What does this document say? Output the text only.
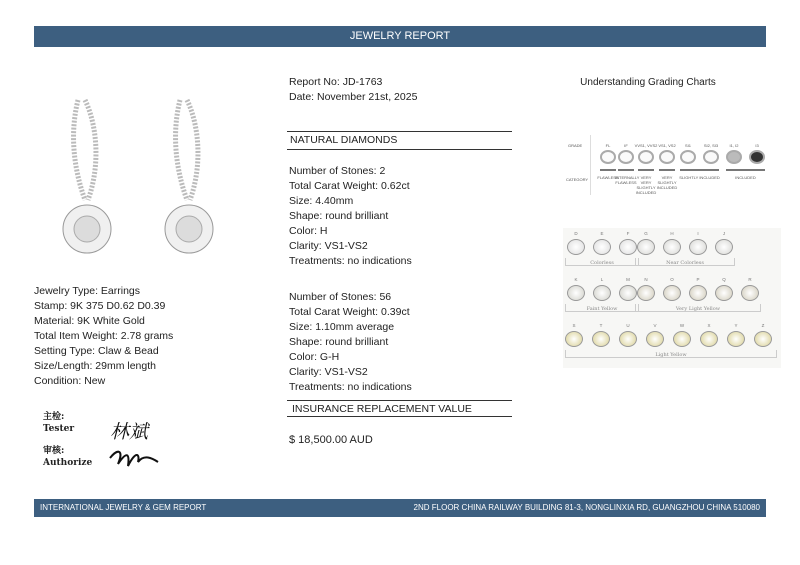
JEWELRY REPORT
Jewelry Type: Earrings
Stamp: 9K 375 D0.62 D0.39
Material: 9K White Gold
Total Item Weight: 2.78 grams
Setting Type: Claw & Bead
Size/Length: 29mm length
Condition: New
主检:
Tester
审核:
Authorize
林斌
Report No: JD-1763
Date: November 21st, 2025
NATURAL DIAMONDS
Number of Stones: 2
Total Carat Weight: 0.62ct
Size: 4.40mm
Shape: round brilliant
Color: H
Clarity: VS1-VS2
Treatments: no indications
Number of Stones: 56
Total Carat Weight: 0.39ct
Size: 1.10mm average
Shape: round brilliant
Color: G-H
Clarity: VS1-VS2
Treatments: no indications
INSURANCE REPLACEMENT VALUE
$ 18,500.00 AUD
Understanding Grading Charts
GRADE
CATEGORY
FL	IF	VVS1, VVS2 VS1, VS2	SI1	SI2, SI3	I1, I2	I3
FLAWLESS
INTERNALLY FLAWLESS
VERY VERY SLIGHTLY INCLUDED
VERY SLIGHTLY INCLUDED
SLIGHTLY INCLUDED	INCLUDED
D	E	F
Colorless
G	H	I	J
Near Colorless
K	L	M
Faint Yellow
N	O	P	Q	R
Very Light Yellow
S	T	U	V	W	X	Y	Z
Light Yellow
INTERNATIONAL JEWELRY & GEM REPORT	2ND FLOOR CHINA RAILWAY BUILDING 81-3, NONGLINXIA RD, GUANGZHOU CHINA 510080
